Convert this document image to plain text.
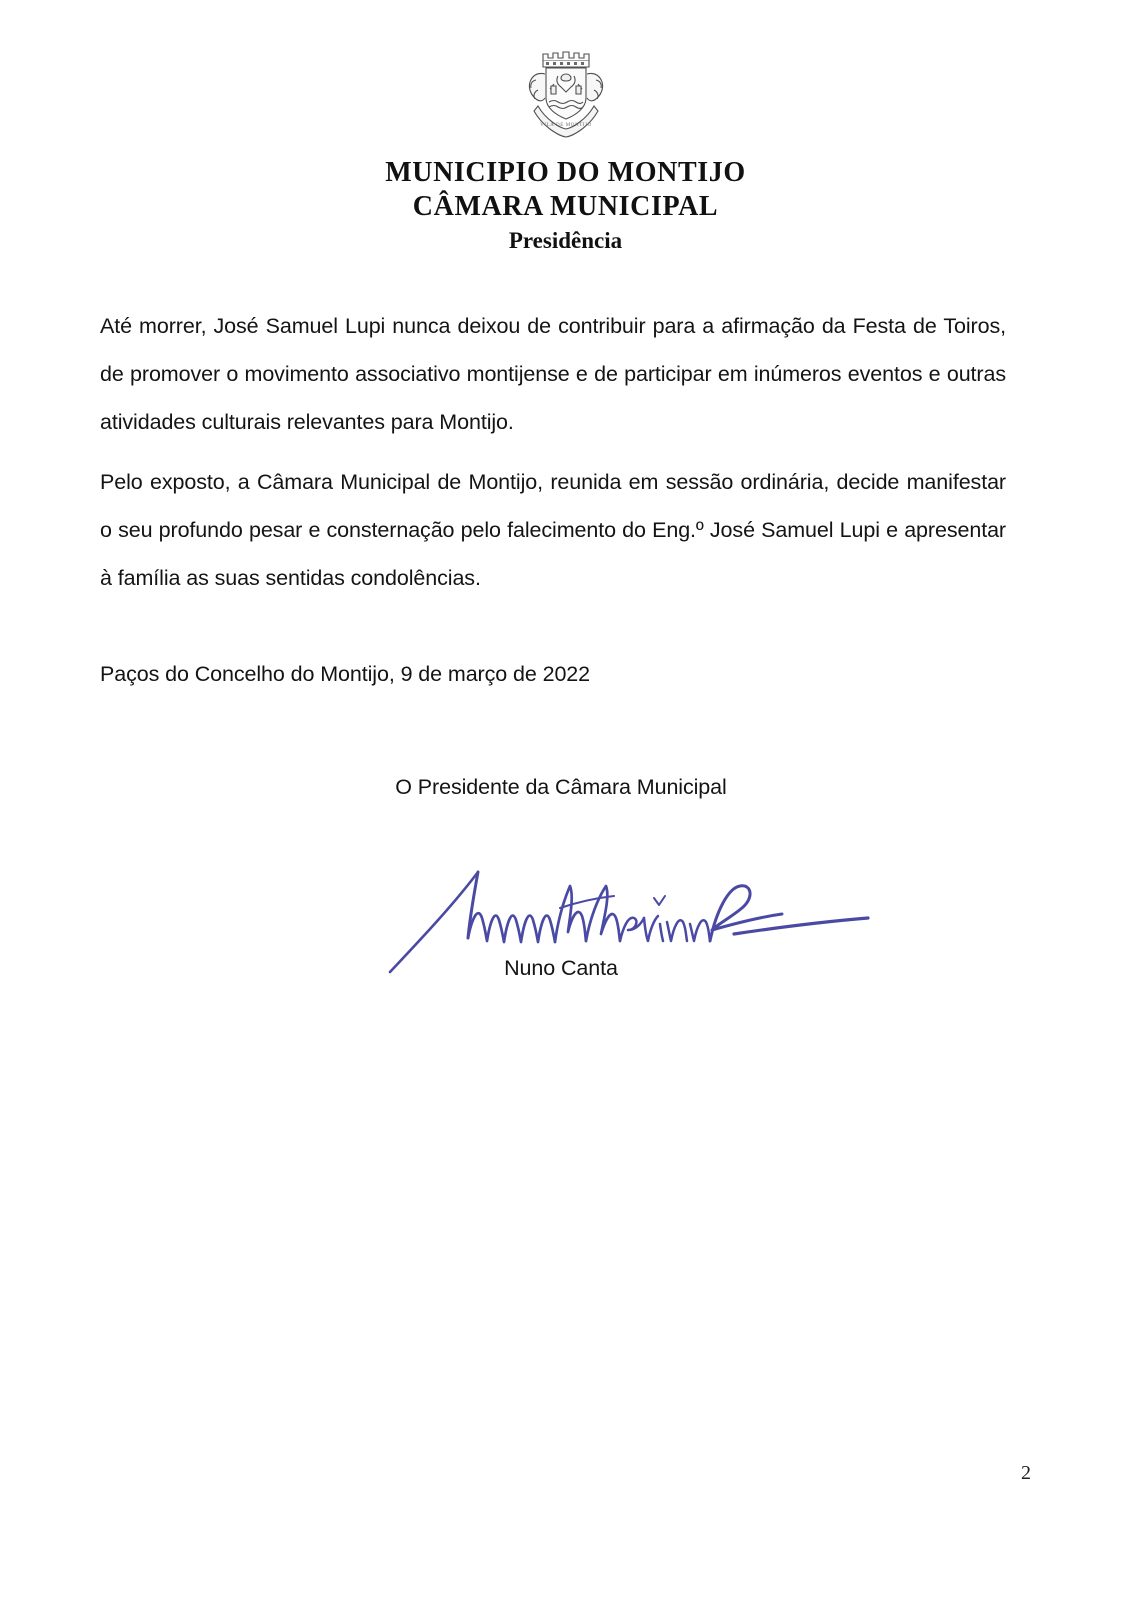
VILA DE MONTIJO
MUNICIPIO DO MONTIJO
CÂMARA MUNICIPAL
Presidência

Até morrer, José Samuel Lupi nunca deixou de contribuir para a afirmação da Festa de Toiros, de promover o movimento associativo montijense e de participar em inúmeros eventos e outras atividades culturais relevantes para Montijo.

Pelo exposto, a Câmara Municipal de Montijo, reunida em sessão ordinária, decide manifestar o seu profundo pesar e consternação pelo falecimento do Eng.º José Samuel Lupi e apresentar à família as suas sentidas condolências.

Paços do Concelho do Montijo, 9 de março de 2022
O Presidente da Câmara Municipal
Nuno Canta
2
